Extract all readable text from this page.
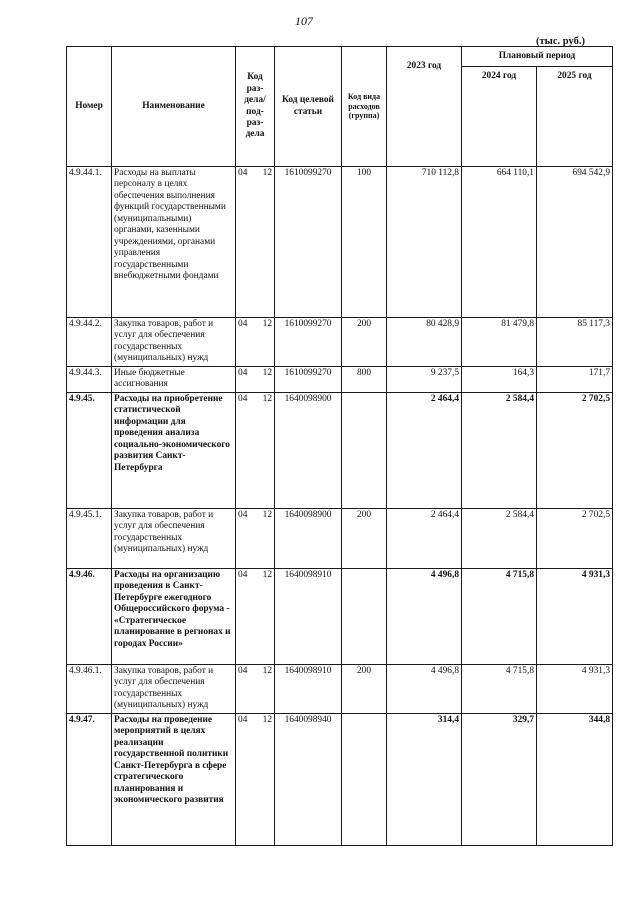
107
(тыс. руб.)
Номер	Наименование	Код раз-дела/ под-раз-дела		Код целевой статьи	Код вида расходов (группа)	2023 год	Плановый период	
							2024 год	2025 год
4.9.44.1.	Расходы на выплаты персоналу в целях обеспечения выполнения функций государственными (муниципальными) органами, казенными учреждениями, органами управления государственными внебюджетными фондами	04	12	1610099270	100	710 112,8	664 110,1	694 542,9
4.9.44.2.	Закупка товаров, работ и услуг для обеспечения государственных (муниципальных) нужд	04	12	1610099270	200	80 428,9	81 479,8	85 117,3
4.9.44.3.	Иные бюджетные ассигнования	04	12	1610099270	800	9 237,5	164,3	171,7
4.9.45.	Расходы на приобретение статистической информации для проведения анализа социально-экономического развития Санкт-Петербурга	04	12	1640098900		2 464,4	2 584,4	2 702,5
4.9.45.1.	Закупка товаров, работ и услуг для обеспечения государственных (муниципальных) нужд	04	12	1640098900	200	2 464,4	2 584,4	2 702,5
4.9.46.	Расходы на организацию проведения в Санкт-Петербурге ежегодного Общероссийского форума - «Стратегическое планирование в регионах и городах России»	04	12	1640098910		4 496,8	4 715,8	4 931,3
4.9.46.1.	Закупка товаров, работ и услуг для обеспечения государственных (муниципальных) нужд	04	12	1640098910	200	4 496,8	4 715,8	4 931,3
4.9.47.	Расходы на проведение мероприятий в целях реализации государственной политики Санкт-Петербурга в сфере стратегического планирования и экономического развития	04	12	1640098940		314,4	329,7	344,8
